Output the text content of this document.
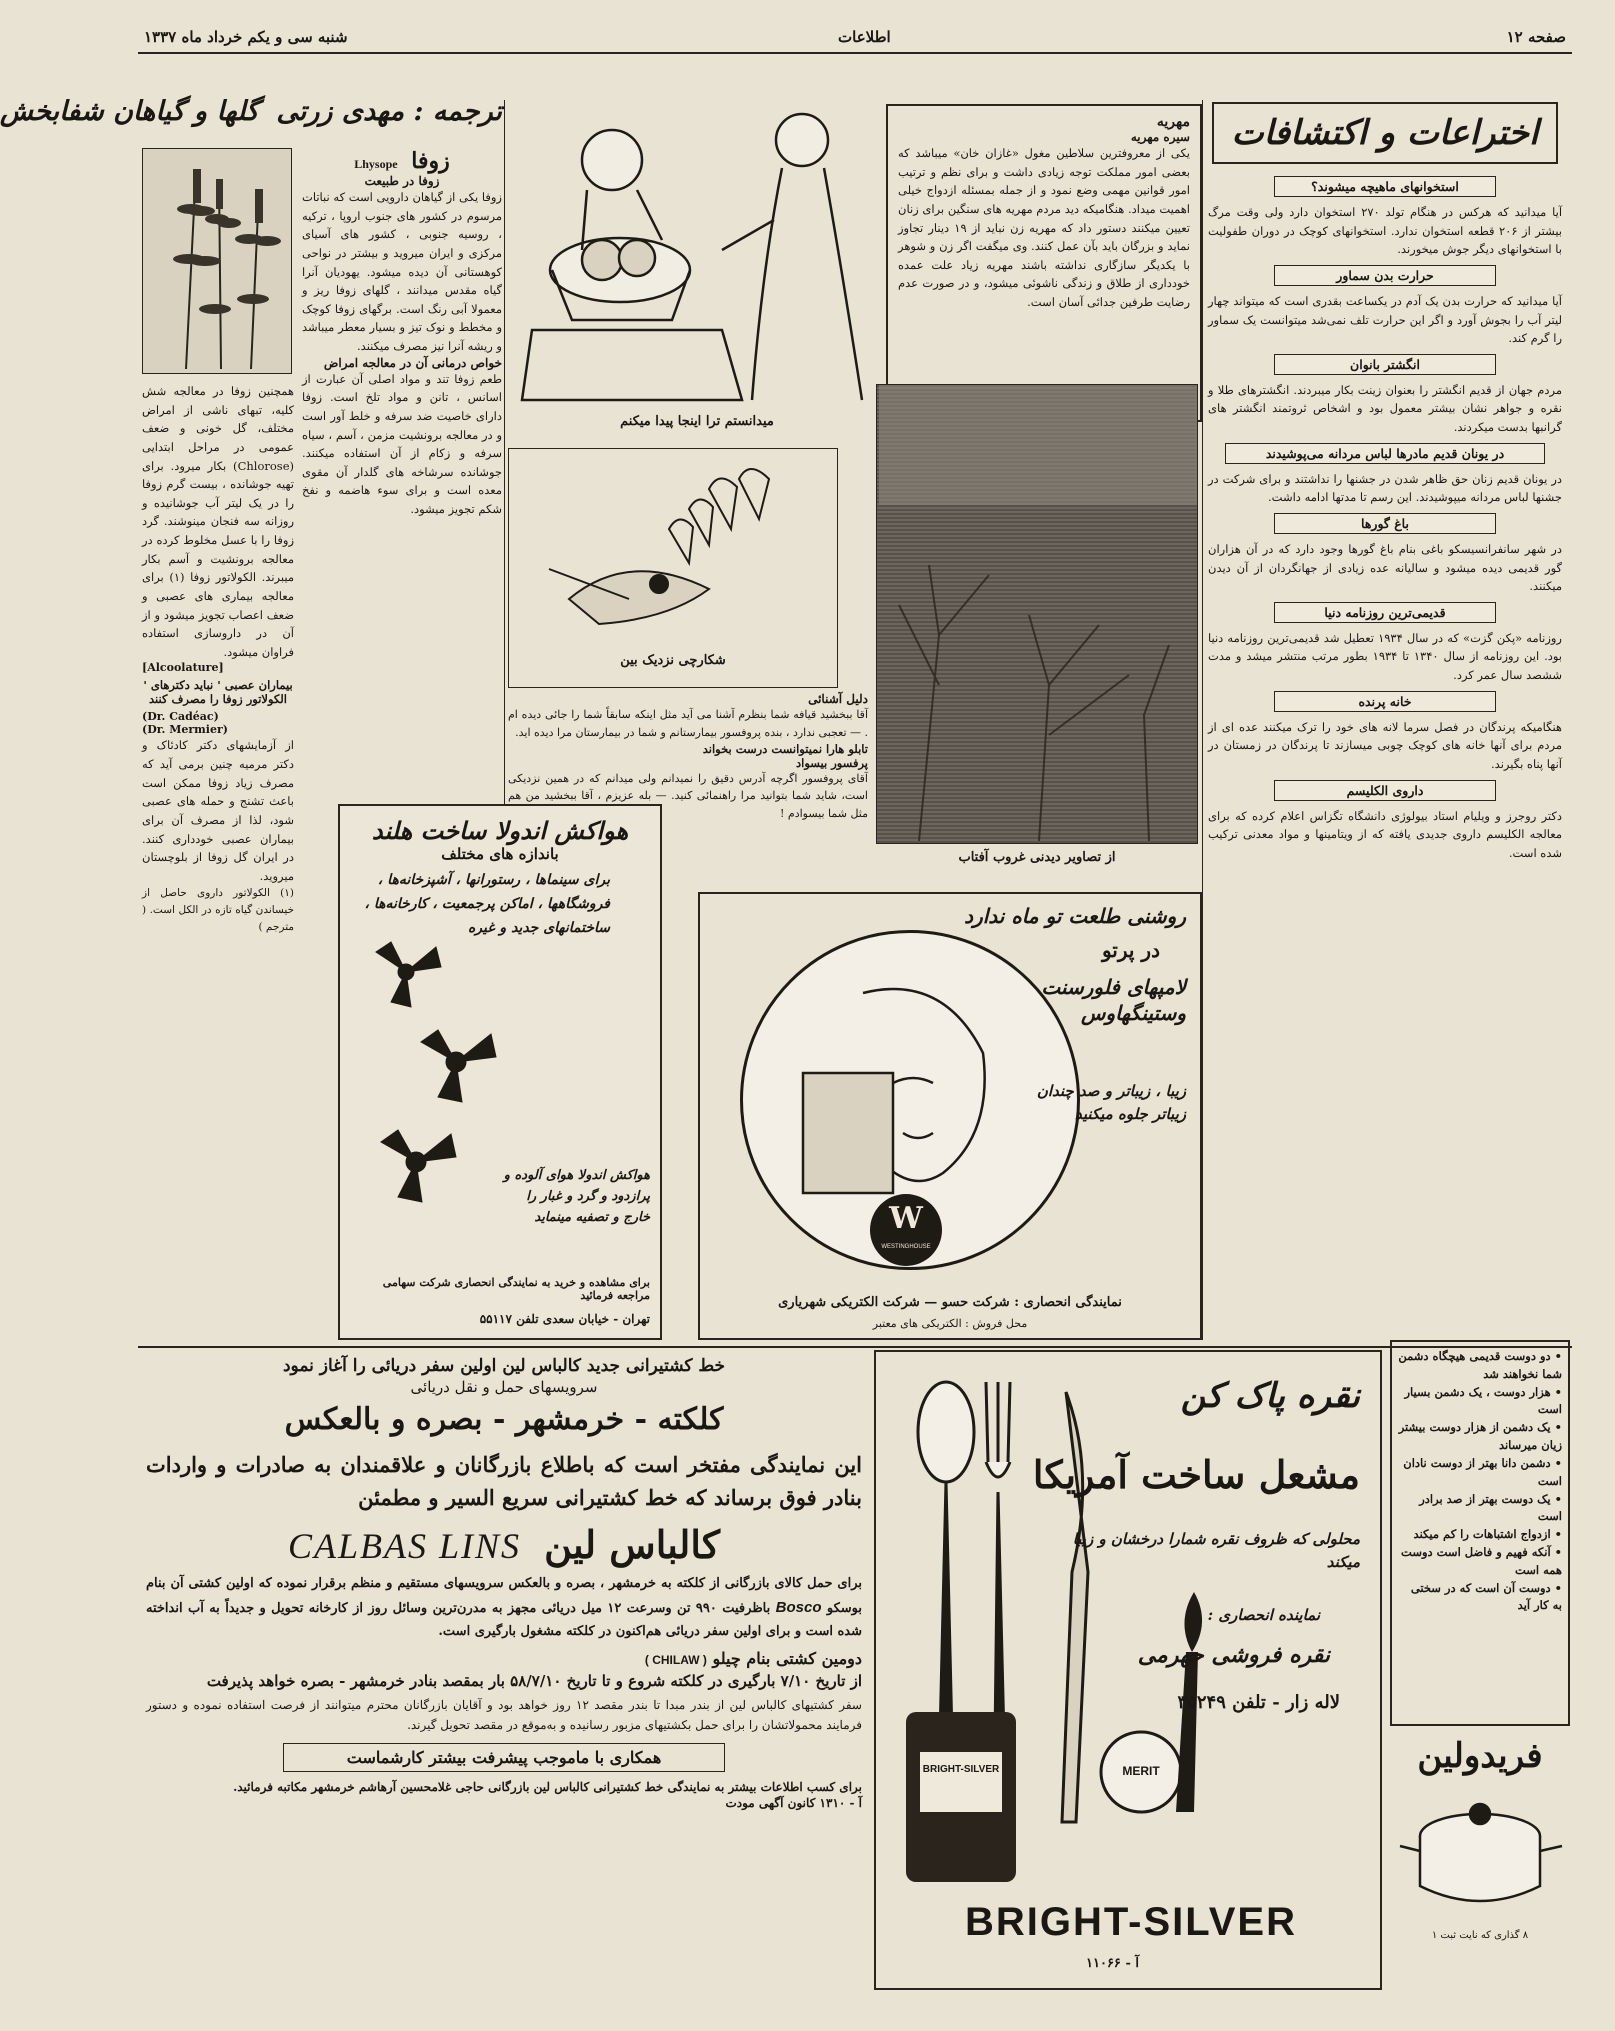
صفحه ۱۲
اطلاعات
شنبه سی و یکم خرداد ماه ۱۳۳۷
اختراعات و اکتشافات
استخوانهای ماهیچه میشوند؟
آیا میدانید که هرکس در هنگام تولد ۲۷۰ استخوان دارد ولی وقت مرگ بیشتر از ۲۰۶ قطعه استخوان ندارد. استخوانهای کوچک در دوران طفولیت با استخوانهای دیگر جوش میخورند.
حرارت بدن سماور
آیا میدانید که حرارت بدن یک آدم در یکساعت بقدری است که میتواند چهار لیتر آب را بجوش آورد و اگر این حرارت تلف نمی‌شد میتوانست یک سماور را گرم کند.
انگشتر بانوان
مردم جهان از قدیم انگشتر را بعنوان زینت بکار میبردند. انگشترهای طلا و نقره و جواهر نشان بیشتر معمول بود و اشخاص ثروتمند انگشتر های گرانبها بدست میکردند.
در یونان قدیم مادرها لباس مردانه می‌پوشیدند
در یونان قدیم زنان حق ظاهر شدن در جشنها را نداشتند و برای شرکت در جشنها لباس مردانه میپوشیدند. این رسم تا مدتها ادامه داشت.
باغ گورها
در شهر سانفرانسیسکو باغی بنام باغ گورها وجود دارد که در آن هزاران گور قدیمی دیده میشود و سالیانه عده زیادی از جهانگردان از آن دیدن میکنند.
قدیمی‌ترین روزنامه دنیا
روزنامه «پکن گزت» که در سال ۱۹۳۴ تعطیل شد قدیمی‌ترین روزنامه دنیا بود. این روزنامه از سال ۱۳۴۰ تا ۱۹۳۴ بطور مرتب منتشر میشد و مدت ششصد سال عمر کرد.
خانه پرنده
هنگامیکه پرندگان در فصل سرما لانه های خود را ترک میکنند عده ای از مردم برای آنها خانه های کوچک چوبی میسازند تا پرندگان در زمستان در آنها پناه بگیرند.
داروی الکلیسم
دکتر روجرز و ویلیام استاد بیولوژی دانشگاه تگزاس اعلام کرده که برای معالجه الکلیسم داروی جدیدی یافته که از ویتامینها و مواد معدنی ترکیب شده است.
ترجمه : مهدی زرتی گلها و گیاهان شفابخش
زوفا Lhysope
زوفا در طبیعت
زوفا یکی از گیاهان دارویی است که نباتات مرسوم در کشور های جنوب اروپا ، ترکیه ، روسیه جنوبی ، کشور های آسیای مرکزی و ایران میروید و بیشتر در نواحی کوهستانی آن دیده میشود. یهودیان آنرا گیاه مقدس میدانند ، گلهای زوفا ریز و معمولا آبی رنگ است. برگهای زوفا کوچک و مخطط و نوک تیز و بسیار معطر میباشد و ریشه آنرا نیز مصرف میکنند.
خواص درمانی آن در معالجه امراض
طعم زوفا تند و مواد اصلی آن عبارت از اسانس ، تانن و مواد تلخ است. زوفا دارای خاصیت ضد سرفه و خلط آور است و در معالجه برونشیت مزمن ، آسم ، سیاه سرفه و زکام از آن استفاده میکنند. جوشانده سرشاخه های گلدار آن مقوی معده است و برای سوء هاضمه و نفخ شکم تجویز میشود.
همچنین زوفا در معالجه شش کلیه، تبهای ناشی از امراض مختلف، گل خونی و ضعف عمومی در مراحل ابتدایی (Chlorose) بکار میرود. برای تهیه جوشانده ، بیست گرم زوفا را در یک لیتر آب جوشانیده و روزانه سه فنجان مینوشند. گرد زوفا را با عسل مخلوط کرده در معالجه برونشیت و آسم بکار میبرند. الکولاتور زوفا (۱) برای معالجه بیماری های عصبی و ضعف اعصاب تجویز میشود و از آن در داروسازی استفاده فراوان میشود.
[Alcoolature]
بیماران عصبی ' نباید دکترهای ' الکولاتور زوفا را مصرف کنند
(Dr. Cadéac)
(Dr. Mermier)
از آزمایشهای دکتر کادئاک و دکتر مرمیه چنین برمی آید که مصرف زیاد زوفا ممکن است باعث تشنج و حمله های عصبی شود، لذا از مصرف آن برای بیماران عصبی خودداری کنند. در ایران گل زوفا از بلوچستان میروید.
(۱) الکولاتور داروی حاصل از خیساندن گیاه تازه در الکل است. ( مترجم )
میدانستم ترا اینجا پیدا میکنم
شکارچی نزدیک بین
مهریه
سیره مهریه
یکی از معروفترین سلاطین مغول «غازان خان» میباشد که بعضی امور مملکت توجه زیادی داشت و برای نظم و ترتیب امور قوانین مهمی وضع نمود و از جمله بمسئله ازدواج خیلی اهمیت میداد. هنگامیکه دید مردم مهریه های سنگین برای زنان تعیین میکنند دستور داد که مهریه زن نباید از ۱۹ دینار تجاوز نماید و بزرگان باید بآن عمل کنند. وی میگفت اگر زن و شوهر با یکدیگر سازگاری نداشته باشند مهریه زیاد علت عمده خودداری از طلاق و زندگی ناشوئی میشود، و در صورت عدم رضایت طرفین جدائی آسان است.
از تصاویر دیدنی غروب آفتاب
دلیل آشنائی
آقا ببخشید قیافه شما بنظرم آشنا می آید مثل اینکه سابقاً شما را جائی دیده ام . — تعجبی ندارد ، بنده پروفسور بیمارستانم و شما در بیمارستان مرا دیده اید.
تابلو هارا نمیتوانست درست بخواند
پرفسور بیسواد
آقای پروفسور اگرچه آدرس دقیق را نمیدانم ولی میدانم که در همین نزدیکی است، شاید شما بتوانید مرا راهنمائی کنید. — بله عزیزم ، آقا ببخشید من هم مثل شما بیسوادم !
هواکش اندولا ساخت هلند
باندازه های مختلف
برای سینماها ، رستورانها ، آشپزخانه‌ها ، فروشگاهها ، اماکن پرجمعیت ، کارخانه‌ها ، ساختمانهای جدید و غیره
هواکش اندولا هوای آلوده و پرازدود و گرد و غبار را خارج و تصفیه مینماید
برای مشاهده و خرید به نمایندگی انحصاری شرکت سهامی مراجعه فرمائید
تهران - خیابان سعدی تلفن ۵۵۱۱۷
روشنی طلعت تو ماه ندارد
در پرتو
لامپهای فلورسنت وستینگهاوس
زیبا ، زیباتر و صد چندان زیباتر جلوه میکنید
W
WESTINGHOUSE
نمایندگی انحصاری : شرکت حسو — شرکت الکتریکی شهریاری
محل فروش : الکتریکی های معتبر
• دو دوست قدیمی هیچگاه دشمن شما نخواهند شد
• هزار دوست ، یک دشمن بسیار است
• یک دشمن از هزار دوست بیشتر زیان میرساند
• دشمن دانا بهتر از دوست نادان است
• یک دوست بهتر از صد برادر است
• ازدواج اشتباهات را کم میکند
• آنکه فهیم و فاضل است دوست همه است
• دوست آن است که در سختی به کار آید
فریدولین
۸ گذاری که نایت ثبت ۱
نقره پاک کن
مشعل ساخت آمریکا
محلولی که ظروف نقره شمارا درخشان و زیبا میکند
نماینده انحصاری :
نقره فروشی جهرمی
لاله زار - تلفن ۳۵۲۴۹
BRIGHT-SILVER	MERIT
BRIGHT-SILVER
آ - ۱۱۰۶۶
خط کشتیرانی جدید کالباس لین اولین سفر دریائی را آغاز نمود
سرویسهای حمل و نقل دریائی
کلکته - خرمشهر - بصره و بالعکس
این نمایندگی مفتخر است که باطلاع بازرگانان و علاقمندان به صادرات و واردات بنادر فوق برساند که خط کشتیرانی سریع السیر و مطمئن
کالباس لین CALBAS LINS
برای حمل کالای بازرگانی از کلکته به خرمشهر ، بصره و بالعکس سرویسهای مستقیم و منظم برقرار نموده که اولین کشتی آن بنام بوسکو Bosco باظرفیت ۹۹۰ تن وسرعت ۱۲ میل دریائی مجهز به مدرن‌ترین وسائل روز از کارخانه تحویل و جدیداً به آب انداخته شده است و برای اولین سفر دریائی هم‌اکنون در کلکته مشغول بارگیری است.
دومین کشتی بنام چیلو ( CHILAW )
از تاریخ ۷/۱۰ بارگیری در کلکته شروع و تا تاریخ ۵۸/۷/۱۰ بار بمقصد بنادر خرمشهر - بصره خواهد پذیرفت
سفر کشتیهای کالباس لین از بندر مبدا تا بندر مقصد ۱۲ روز خواهد بود و آقایان بازرگانان محترم میتوانند از فرصت استفاده نموده و دستور فرمایند محمولاتشان را برای حمل بکشتیهای مزبور رسانیده و به‌موقع در مقصد تحویل گیرند.
همکاری با ماموجب پیشرفت بیشتر کارشماست
برای کسب اطلاعات بیشتر به نمایندگی خط کشتیرانی کالباس لین بازرگانی حاجی غلامحسین آرهاشم خرمشهر مکاتبه فرمائید.
آ - ۱۳۱۰ کانون آگهی مودت
